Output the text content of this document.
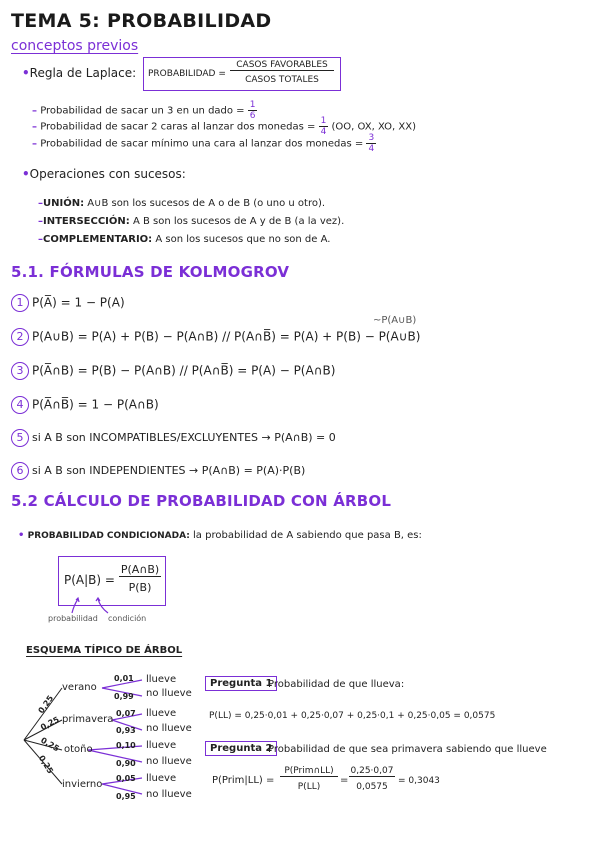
TEMA 5: PROBABILIDAD
conceptos previos
•Regla de Laplace: PROBABILIDAD =
CASOS FAVORABLES
CASOS TOTALES
– Probabilidad de sacar un 3 en un dado = $\frac{1}{6}$
– Probabilidad de sacar 2 caras al lanzar dos monedas = $\frac{1}{4} (OO$, OX, XO, XX)
– Probabilidad de sacar mínimo una cara al lanzar dos monedas = $\frac{3}{4}$
•Operaciones con sucesos:
–UNIÓN: A∪B son los sucesos de A o de B (o uno u otro).
–INTERSECCIÓN: A B son los sucesos de A y de B (a la vez).
–COMPLEMENTARIO: A son los sucesos que no son de A.
5.1. FÓRMULAS DE KOLMOGROV
~P(A∪B)
1 P(A̅) = 1 − P(A)
2 P(A∪B) = P(A) + P(B) − P(A∩B) // P(A∩B̅) = P(A) + P(B) − P(A∪B)
3 P(A̅∩B) = P(B) − P(A∩B) // P(A∩B̅) = P(A) − P(A∩B)
4 P(A̅∩B̅) = 1 − P(A∩B)
5 si A B son INCOMPATIBLES/EXCLUYENTES → P(A∩B) = 0
6 si A B son INDEPENDIENTES → P(A∩B) = P(A)·P(B)
5.2 CÁLCULO DE PROBABILIDAD CON ÁRBOL
• PROBABILIDAD CONDICIONADA: la probabilidad de A sabiendo que pasa B, es:
P(A|B) =
P(A∩B)
P(B)
probabilidad condición
ESQUEMA TÍPICO DE ÁRBOL
0,25
0,25
0,25
0,25
verano
primavera
otoño
invierno
0,01
0,99
0,07
0,93
0,10
0,90
0,05
0,95
llueve
no llueve
llueve
no llueve
llueve
no llueve
llueve
no llueve
Pregunta 1
Probabilidad de que llueva:
P(LL) = 0,25·0,01 + 0,25·0,07 + 0,25·0,1 + 0,25·0,05 = 0,0575
Pregunta 2
Probabilidad de que sea primavera sabiendo que llueve
P(Prim|LL) =
P(Prim∩LL)
P(LL)
=
0,25·0,07
0,0575
= 0,3043
